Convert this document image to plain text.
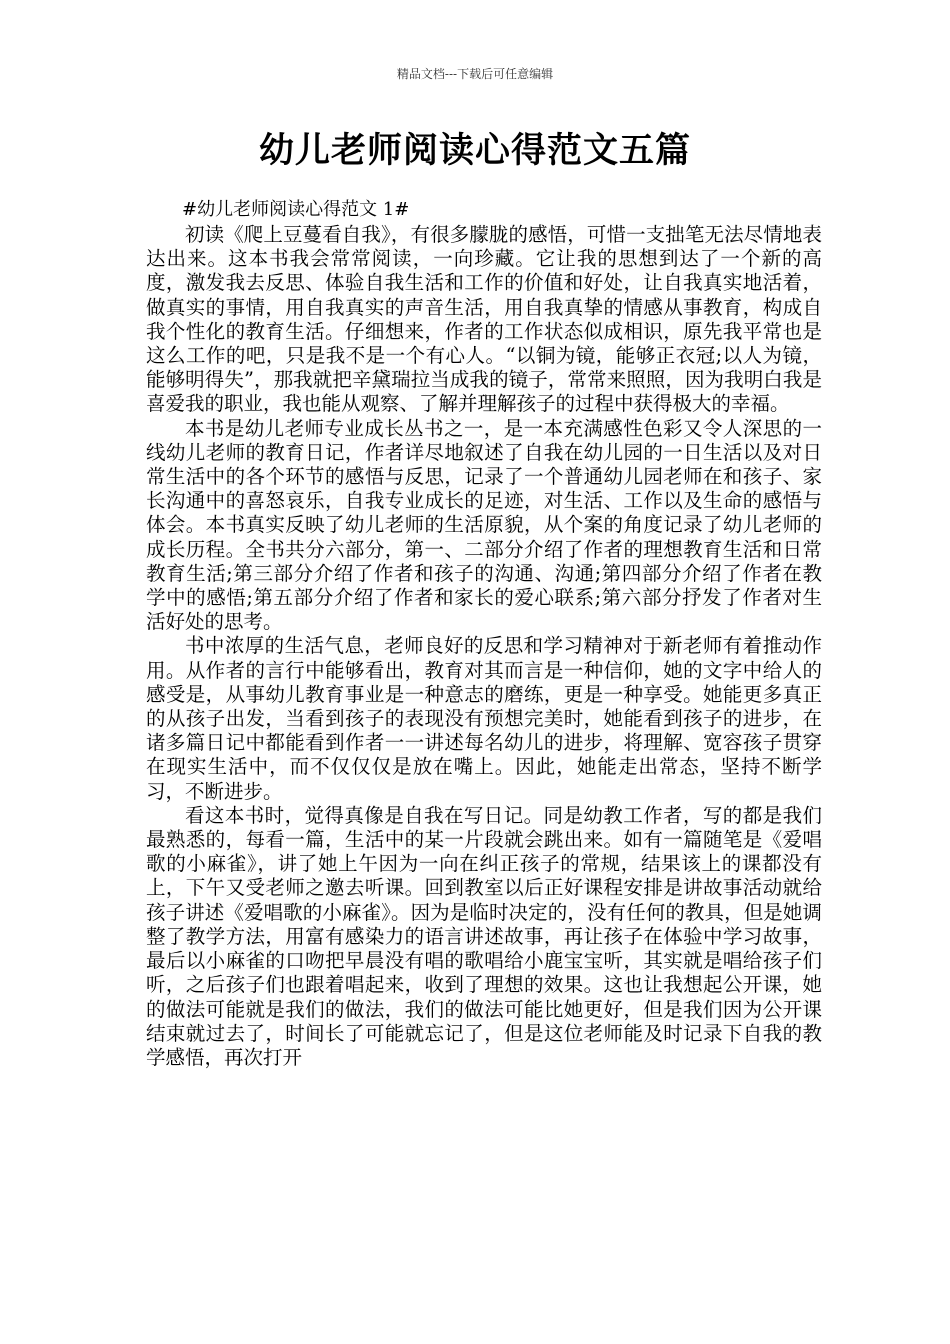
精品文档---下载后可任意编辑
幼儿老师阅读心得范文五篇
#幼儿老师阅读心得范文 1#

初读《爬上豆蔓看自我》，有很多朦胧的感悟，可惜一支拙笔无法尽情地表达出来。这本书我会常常阅读，一向珍藏。它让我的思想到达了一个新的高度，激发我去反思、体验自我生活和工作的价值和好处，让自我真实地活着，做真实的事情，用自我真实的声音生活，用自我真挚的情感从事教育，构成自我个性化的教育生活。仔细想来，作者的工作状态似成相识，原先我平常也是这么工作的吧，只是我不是一个有心人。“以铜为镜，能够正衣冠;以人为镜，能够明得失”，那我就把辛黛瑞拉当成我的镜子，常常来照照，因为我明白我是喜爱我的职业，我也能从观察、了解并理解孩子的过程中获得极大的幸福。

本书是幼儿老师专业成长丛书之一，是一本充满感性色彩又令人深思的一线幼儿老师的教育日记，作者详尽地叙述了自我在幼儿园的一日生活以及对日常生活中的各个环节的感悟与反思，记录了一个普通幼儿园老师在和孩子、家长沟通中的喜怒哀乐，自我专业成长的足迹，对生活、工作以及生命的感悟与体会。本书真实反映了幼儿老师的生活原貌，从个案的角度记录了幼儿老师的成长历程。全书共分六部分，第一、二部分介绍了作者的理想教育生活和日常教育生活;第三部分介绍了作者和孩子的沟通、沟通;第四部分介绍了作者在教学中的感悟;第五部分介绍了作者和家长的爱心联系;第六部分抒发了作者对生活好处的思考。

书中浓厚的生活气息，老师良好的反思和学习精神对于新老师有着推动作用。从作者的言行中能够看出，教育对其而言是一种信仰，她的文字中给人的感受是，从事幼儿教育事业是一种意志的磨练，更是一种享受。她能更多真正的从孩子出发，当看到孩子的表现没有预想完美时，她能看到孩子的进步，在诸多篇日记中都能看到作者一一讲述每名幼儿的进步，将理解、宽容孩子贯穿在现实生活中，而不仅仅仅是放在嘴上。因此，她能走出常态，坚持不断学习，不断进步。

看这本书时，觉得真像是自我在写日记。同是幼教工作者，写的都是我们最熟悉的，每看一篇，生活中的某一片段就会跳出来。如有一篇随笔是《爱唱歌的小麻雀》，讲了她上午因为一向在纠正孩子的常规，结果该上的课都没有上，下午又受老师之邀去听课。回到教室以后正好课程安排是讲故事活动就给孩子讲述《爱唱歌的小麻雀》。因为是临时决定的，没有任何的教具，但是她调整了教学方法，用富有感染力的语言讲述故事，再让孩子在体验中学习故事，最后以小麻雀的口吻把早晨没有唱的歌唱给小鹿宝宝听，其实就是唱给孩子们听，之后孩子们也跟着唱起来，收到了理想的效果。这也让我想起公开课，她的做法可能就是我们的做法，我们的做法可能比她更好，但是我们因为公开课结束就过去了，时间长了可能就忘记了，但是这位老师能及时记录下自我的教学感悟，再次打开
